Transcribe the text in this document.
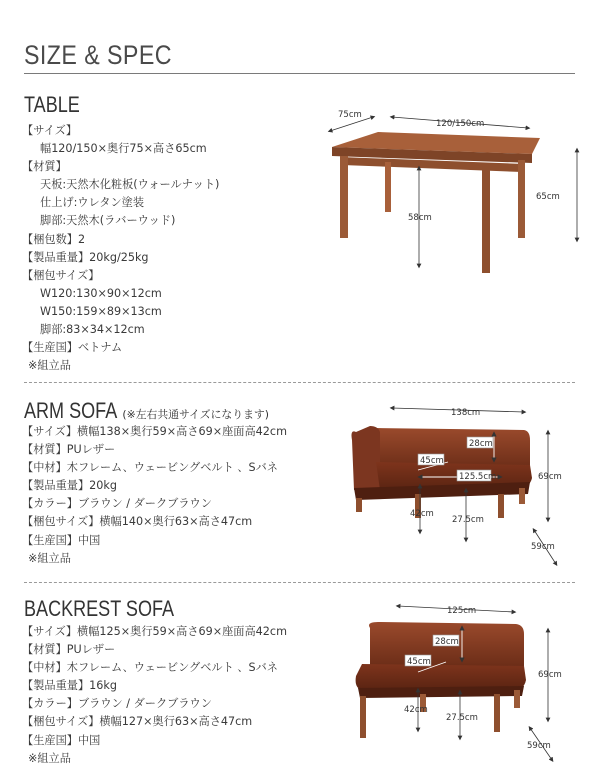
SIZE & SPEC
TABLE
【サイズ】
幅120/150×奥行75×高さ65cm
【材質】
天板:天然木化粧板(ウォールナット)
仕上げ:ウレタン塗装
脚部:天然木(ラバーウッド)
【梱包数】2
【製品重量】20kg/25kg
【梱包サイズ】
W120:130×90×12cm
W150:159×89×13cm
脚部:83×34×12cm
【生産国】ベトナム
※組立品
75cm
120/150cm
65cm
58cm
ARM SOFA (※左右共通サイズになります)
【サイズ】横幅138×奥行59×高さ69×座面高42cm
【材質】PUレザー
【中材】木フレーム、ウェービングベルト 、Sバネ
【製品重量】20kg
【カラー】ブラウン / ダークブラウン
【梱包サイズ】横幅140×奥行63×高さ47cm
【生産国】中国
※組立品
138cm
28cm
45cm
125.5cm	69cm
42cm
27.5cm
59cm
BACKREST SOFA
【サイズ】横幅125×奥行59×高さ69×座面高42cm
【材質】PUレザー
【中材】木フレーム、ウェービングベルト 、Sバネ
【製品重量】16kg
【カラー】ブラウン / ダークブラウン
【梱包サイズ】横幅127×奥行63×高さ47cm
【生産国】中国
※組立品
125cm
28cm
45cm
69cm
42cm
27.5cm
59cm
